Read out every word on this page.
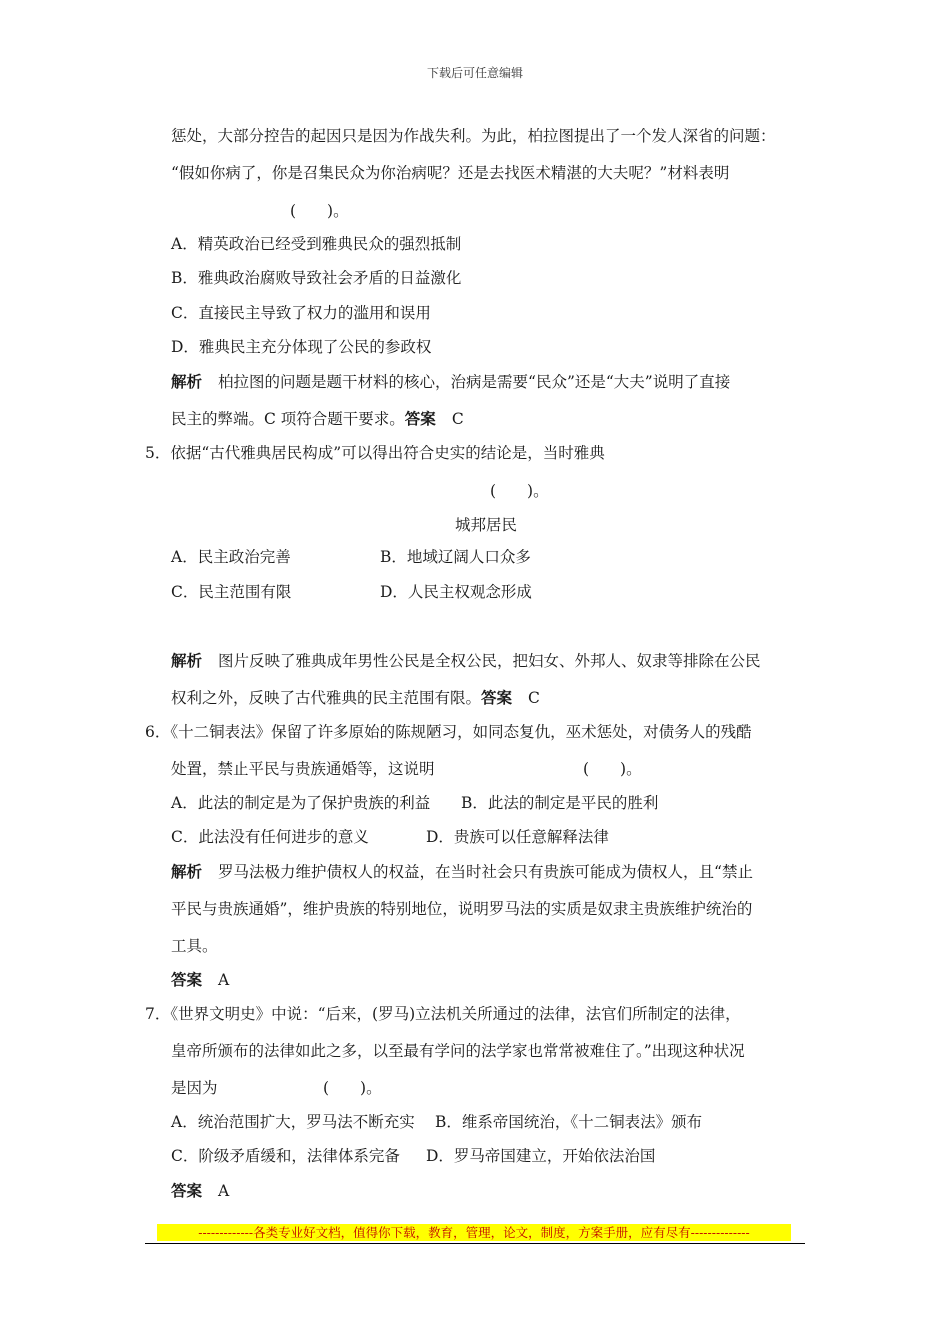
下载后可任意编辑
惩处，大部分控告的起因只是因为作战失利。为此，柏拉图提出了一个发人深省的问题：
“假如你病了，你是召集民众为你治病呢？还是去找医术精湛的大夫呢？”材料表明
(　　)。
A．精英政治已经受到雅典民众的强烈抵制
B．雅典政治腐败导致社会矛盾的日益激化
C．直接民主导致了权力的滥用和误用
D．雅典民主充分体现了公民的参政权
解析 柏拉图的问题是题干材料的核心，治病是需要“民众”还是“大夫”说明了直接
民主的弊端。C 项符合题干要求。答案 C
5．依据“古代雅典居民构成”可以得出符合史实的结论是，当时雅典
(　　)。
城邦居民
A．民主政治完善	B．地域辽阔人口众多
C．民主范围有限	D．人民主权观念形成
解析 图片反映了雅典成年男性公民是全权公民，把妇女、外邦人、奴隶等排除在公民
权利之外，反映了古代雅典的民主范围有限。答案 C
6．《十二铜表法》保留了许多原始的陈规陋习，如同态复仇，巫术惩处，对债务人的残酷
处置，禁止平民与贵族通婚等，这说明	(　　)。
A．此法的制定是为了保护贵族的利益 B．此法的制定是平民的胜利
C．此法没有任何进步的意义	D．贵族可以任意解释法律
解析 罗马法极力维护债权人的权益，在当时社会只有贵族可能成为债权人，且“禁止
平民与贵族通婚”，维护贵族的特别地位，说明罗马法的实质是奴隶主贵族维护统治的
工具。
答案 A
7．《世界文明史》中说：“后来，(罗马)立法机关所通过的法律，法官们所制定的法律，
皇帝所颁布的法律如此之多，以至最有学问的法学家也常常被难住了。”出现这种状况
是因为	(　　)。
A．统治范围扩大，罗马法不断充实 B．维系帝国统治，《十二铜表法》颁布
C．阶级矛盾缓和，法律体系完备 D．罗马帝国建立，开始依法治国
答案 A
-------------各类专业好文档，值得你下载，教育，管理，论文，制度，方案手册，应有尽有--------------
